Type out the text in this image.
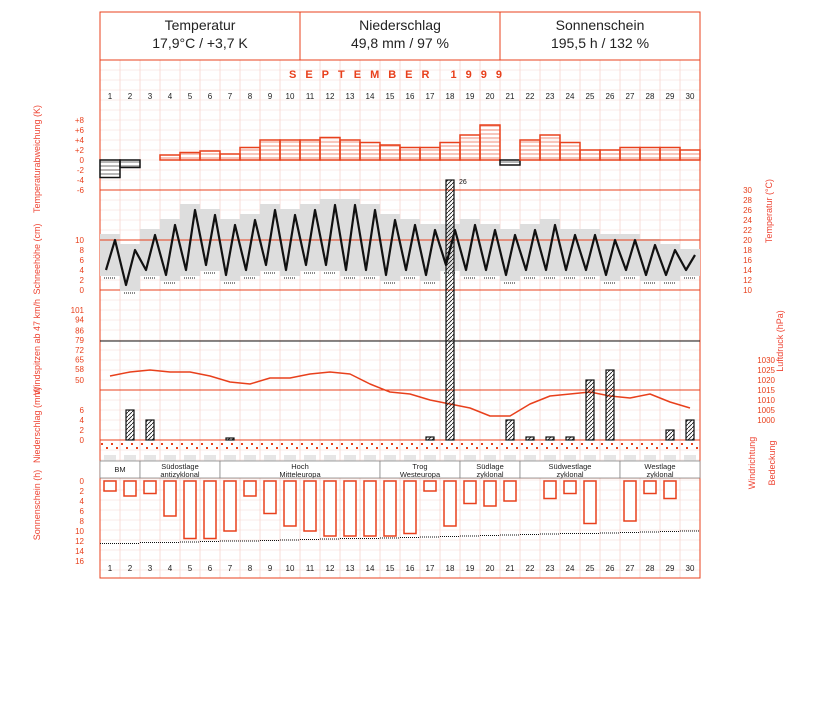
Temperatur
17,9°C / +3,7 K
Niederschlag
49,8 mm / 97 %
Sonnenschein
195,5 h / 132 %
Temperaturabweichung (K)
Schneehöhe (cm)
Windspitzen ab 47 km/h
Niederschlag (mm)
Sonnenschein (h)
Temperatur (°C)
Luftdruck (hPa)
Windrichtung Bedeckung
SEPTEMBER 1999
1
1
2
2
3
3
4
4
5
5
6
6
7
7
8
8
9
9
10
10
11
11
12
12
13
13
14
14
15
15
16
16
17
17
18
18
19
19
20
20
21
21
22
22
23
23
24
24
25
25
26
26
27
27
28
28
29
29
30
30
+8
+6
+4
+2
0
-2
-4
-6	30
28
26
24
22
20
18
16
14
12
10
10
8
6
4
2
0
101
94
86
79
72
65
58
50
1030
1025
1020
1015
1010
1005
1000
6
4
2
0
26
BM	Südostlage
antizyklonal
Hoch
Mitteleuropa
Trog
Westeuropa
Südlage
zyklonal
Südwestlage
zyklonal
Westlage
zyklonal
0
2
4
6
8
10
12
14
16
